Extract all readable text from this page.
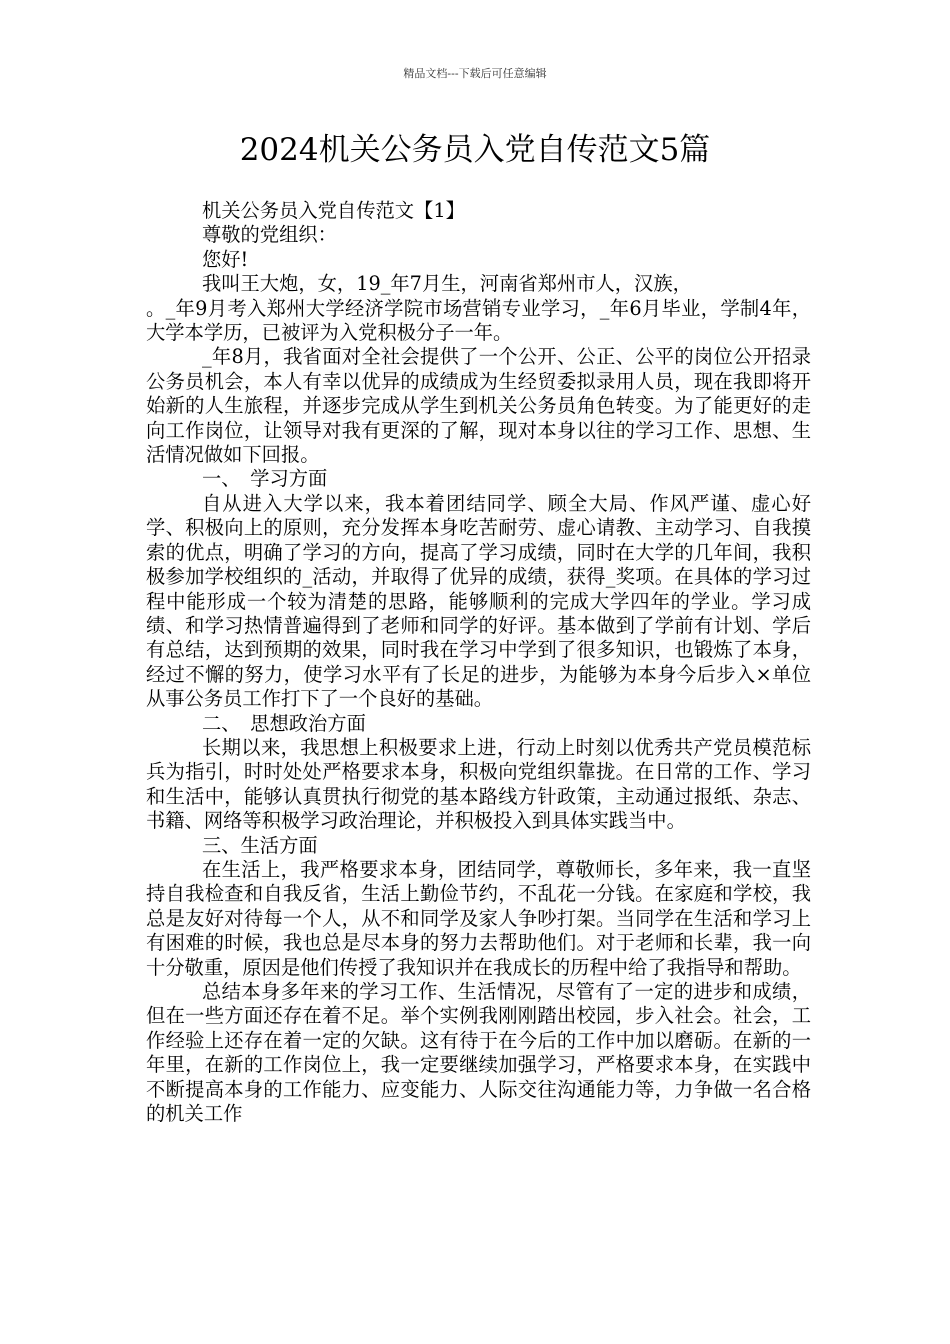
精品文档---下载后可任意编辑
2024机关公务员入党自传范文5篇

机关公务员入党自传范文【1】

尊敬的党组织：

您好!

我叫王大炮，女，19_年7月生，河南省郑州市人，汉族，

。_年9月考入郑州大学经济学院市场营销专业学习，_年6月毕业，学制4年，大学本学历，已被评为入党积极分子一年。

_年8月，我省面对全社会提供了一个公开、公正、公平的岗位公开招录公务员机会，本人有幸以优异的成绩成为生经贸委拟录用人员，现在我即将开始新的人生旅程，并逐步完成从学生到机关公务员角色转变。为了能更好的走向工作岗位，让领导对我有更深的了解，现对本身以往的学习工作、思想、生活情况做如下回报。

一、　学习方面

自从进入大学以来，我本着团结同学、顾全大局、作风严谨、虚心好学、积极向上的原则，充分发挥本身吃苦耐劳、虚心请教、主动学习、自我摸索的优点，明确了学习的方向，提高了学习成绩，同时在大学的几年间，我积极参加学校组织的_活动，并取得了优异的成绩，获得_奖项。在具体的学习过程中能形成一个较为清楚的思路，能够顺利的完成大学四年的学业。学习成绩、和学习热情普遍得到了老师和同学的好评。基本做到了学前有计划、学后有总结，达到预期的效果，同时我在学习中学到了很多知识，也锻炼了本身，经过不懈的努力，使学习水平有了长足的进步，为能够为本身今后步入×单位从事公务员工作打下了一个良好的基础。

二、　思想政治方面

长期以来，我思想上积极要求上进，行动上时刻以优秀共产党员模范标兵为指引，时时处处严格要求本身，积极向党组织靠拢。在日常的工作、学习和生活中，能够认真贯执行彻党的基本路线方针政策，主动通过报纸、杂志、书籍、网络等积极学习政治理论，并积极投入到具体实践当中。

三、生活方面

在生活上，我严格要求本身，团结同学，尊敬师长，多年来，我一直坚持自我检查和自我反省，生活上勤俭节约，不乱花一分钱。在家庭和学校，我总是友好对待每一个人，从不和同学及家人争吵打架。当同学在生活和学习上有困难的时候，我也总是尽本身的努力去帮助他们。对于老师和长辈，我一向十分敬重，原因是他们传授了我知识并在我成长的历程中给了我指导和帮助。

总结本身多年来的学习工作、生活情况，尽管有了一定的进步和成绩，但在一些方面还存在着不足。举个实例我刚刚踏出校园，步入社会。社会，工作经验上还存在着一定的欠缺。这有待于在今后的工作中加以磨砺。在新的一年里，在新的工作岗位上，我一定要继续加强学习，严格要求本身，在实践中不断提高本身的工作能力、应变能力、人际交往沟通能力等，力争做一名合格的机关工作
